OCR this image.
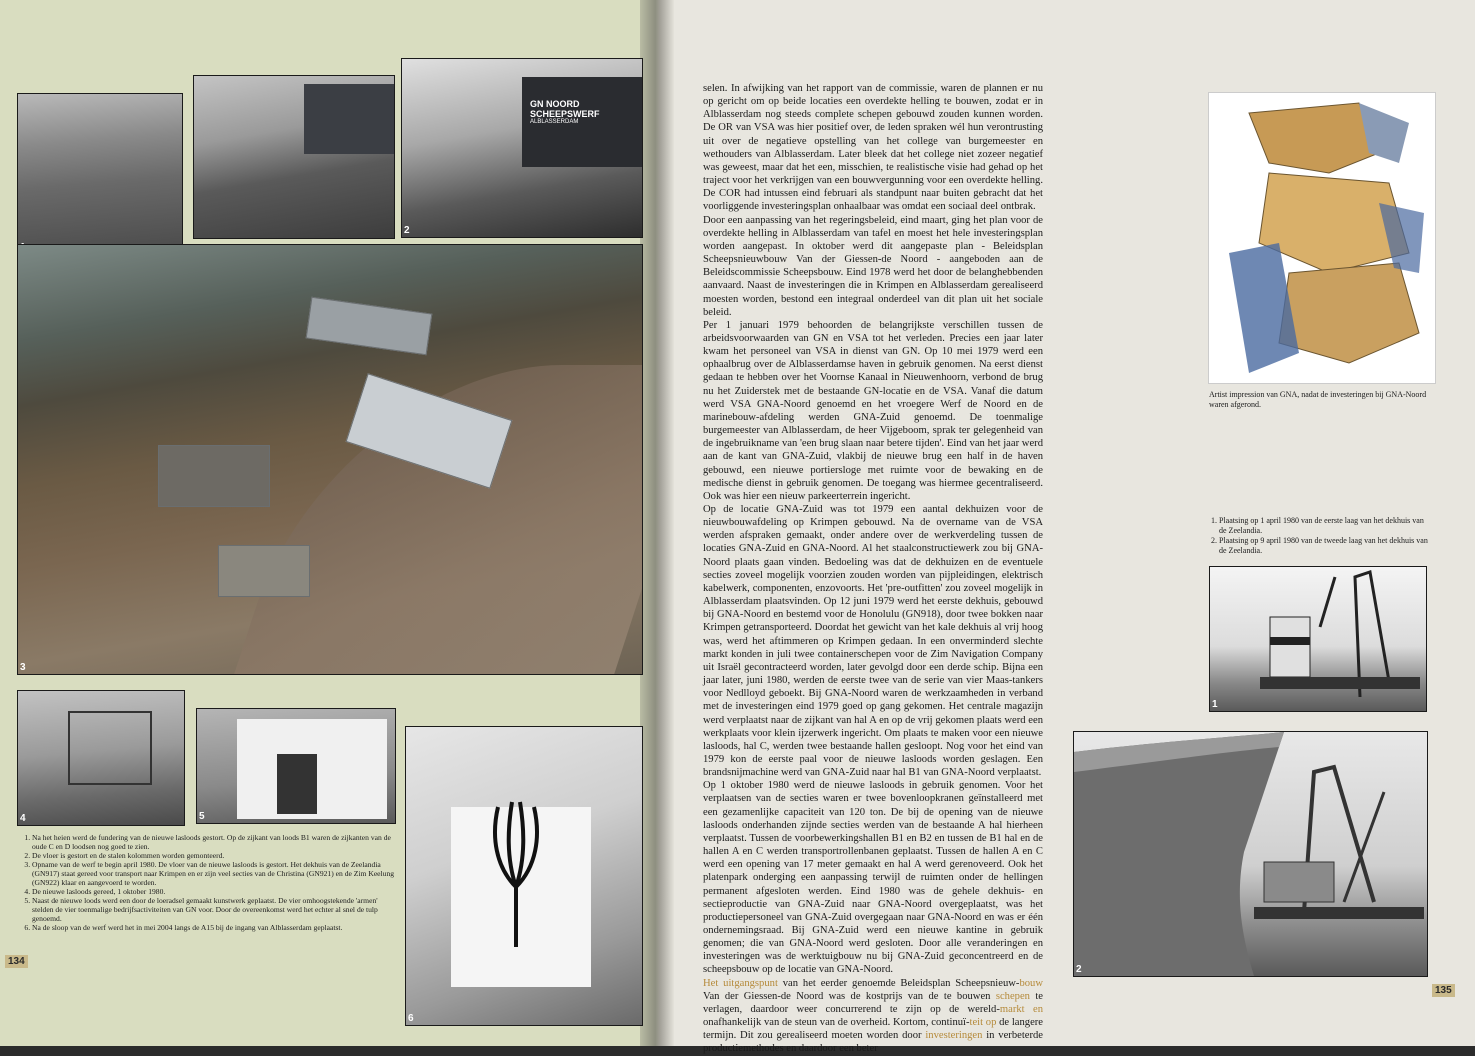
GN NOORD SCHEEPSWERF
ALBLASSERDAM
2
3
4	5
6
1. Na het heien werd de fundering van de nieuwe lasloods gestort. Op de zijkant van loods B1 waren de zijkanten van de oude C en D loodsen nog goed te zien.
2. De vloer is gestort en de stalen kolommen worden gemonteerd.
3. Opname van de werf te begin april 1980. De vloer van de nieuwe lasloods is gestort. Het dekhuis van de Zeelandia (GN917) staat gereed voor transport naar Krimpen en er zijn veel secties van de Christina (GN921) en de Zim Keelung (GN922) klaar en aangevoerd te worden.
4. De nieuwe lasloods gereed, 1 oktober 1980.
5. Naast de nieuwe loods werd een door de loeradsel gemaakt kunstwerk geplaatst. De vier omhoogstekende 'armen' stelden de vier toenmalige bedrijfsactiviteiten van GN voor. Door de overeenkomst werd het echter al snel de tulp genoemd.
6. Na de sloop van de werf werd het in mei 2004 langs de A15 bij de ingang van Alblasserdam geplaatst.
134

selen. In afwijking van het rapport van de commissie, waren de plannen er nu op gericht om op beide locaties een overdekte helling te bouwen, zodat er in Alblasserdam nog steeds complete schepen gebouwd zouden kunnen worden. De OR van VSA was hier positief over, de leden spraken wél hun verontrusting uit over de negatieve opstelling van het college van burgemeester en wethouders van Alblasserdam. Later bleek dat het college niet zozeer negatief was geweest, maar dat het een, misschien, te realistische visie had gehad op het traject voor het verkrijgen van een bouwvergunning voor een overdekte helling. De COR had intussen eind februari als standpunt naar buiten gebracht dat het voorliggende investeringsplan onhaalbaar was omdat een sociaal deel ontbrak.

Door een aanpassing van het regeringsbeleid, eind maart, ging het plan voor de overdekte helling in Alblasserdam van tafel en moest het hele investeringsplan worden aangepast. In oktober werd dit aangepaste plan - Beleidsplan Scheepsnieuwbouw Van der Giessen-de Noord - aangeboden aan de Beleidscommissie Scheepsbouw. Eind 1978 werd het door de belanghebbenden aanvaard. Naast de investeringen die in Krimpen en Alblasserdam gerealiseerd moesten worden, bestond een integraal onderdeel van dit plan uit het sociale beleid.

Per 1 januari 1979 behoorden de belangrijkste verschillen tussen de arbeidsvoorwaarden van GN en VSA tot het verleden. Precies een jaar later kwam het personeel van VSA in dienst van GN. Op 10 mei 1979 werd een ophaalbrug over de Alblasserdamse haven in gebruik genomen. Na eerst dienst gedaan te hebben over het Voornse Kanaal in Nieuwenhoorn, verbond de brug nu het Zuiderstek met de bestaande GN-locatie en de VSA. Vanaf die datum werd VSA GNA-Noord genoemd en het vroegere Werf de Noord en de marinebouw-afdeling werden GNA-Zuid genoemd. De toenmalige burgemeester van Alblasserdam, de heer Vijgeboom, sprak ter gelegenheid van de ingebruikname van 'een brug slaan naar betere tijden'. Eind van het jaar werd aan de kant van GNA-Zuid, vlakbij de nieuwe brug een half in de haven gebouwd, een nieuwe portiersloge met ruimte voor de bewaking en de medische dienst in gebruik genomen. De toegang was hiermee gecentraliseerd. Ook was hier een nieuw parkeerterrein ingericht.

Op de locatie GNA-Zuid was tot 1979 een aantal dekhuizen voor de nieuwbouwafdeling op Krimpen gebouwd. Na de overname van de VSA werden afspraken gemaakt, onder andere over de werkverdeling tussen de locaties GNA-Zuid en GNA-Noord. Al het staalconstructiewerk zou bij GNA-Noord plaats gaan vinden. Bedoeling was dat de dekhuizen en de eventuele secties zoveel mogelijk voorzien zouden worden van pijpleidingen, elektrisch kabelwerk, componenten, enzovoorts. Het 'pre-outfitten' zou zoveel mogelijk in Alblasserdam plaatsvinden. Op 12 juni 1979 werd het eerste dekhuis, gebouwd bij GNA-Noord en bestemd voor de Honolulu (GN918), door twee bokken naar Krimpen getransporteerd. Doordat het gewicht van het kale dekhuis al vrij hoog was, werd het aftimmeren op Krimpen gedaan. In een onverminderd slechte markt konden in juli twee containerschepen voor de Zim Navigation Company uit Israël gecontracteerd worden, later gevolgd door een derde schip. Bijna een jaar later, juni 1980, werden de eerste twee van de serie van vier Maas-tankers voor Nedlloyd geboekt. Bij GNA-Noord waren de werkzaamheden in verband met de investeringen eind 1979 goed op gang gekomen. Het centrale magazijn werd verplaatst naar de zijkant van hal A en op de vrij gekomen plaats werd een werkplaats voor klein ijzerwerk ingericht. Om plaats te maken voor een nieuwe lasloods, hal C, werden twee bestaande hallen gesloopt. Nog voor het eind van 1979 kon de eerste paal voor de nieuwe lasloods worden geslagen. Een brandsnijmachine werd van GNA-Zuid naar hal B1 van GNA-Noord verplaatst.

Op 1 oktober 1980 werd de nieuwe lasloods in gebruik genomen. Voor het verplaatsen van de secties waren er twee bovenloopkranen geïnstalleerd met een gezamenlijke capaciteit van 120 ton. De bij de opening van de nieuwe lasloods onderhanden zijnde secties werden van de bestaande A hal hierheen verplaatst. Tussen de voorbewerkingshallen B1 en B2 en tussen de B1 hal en de hallen A en C werden transportrollenbanen geplaatst. Tussen de hallen A en C werd een opening van 17 meter gemaakt en hal A werd gerenoveerd. Ook het platenpark onderging een aanpassing terwijl de ruimten onder de hellingen permanent afgesloten werden. Eind 1980 was de gehele dekhuis- en sectieproductie van GNA-Zuid naar GNA-Noord overgeplaatst, was het productiepersoneel van GNA-Zuid overgegaan naar GNA-Noord en was er één ondernemingsraad. Bij GNA-Zuid werd een nieuwe kantine in gebruik genomen; die van GNA-Noord werd gesloten. Door alle veranderingen en investeringen was de werktuigbouw nu bij GNA-Zuid geconcentreerd en de scheepsbouw op de locatie van GNA-Noord.

Het uitgangspunt van het eerder genoemde Beleidsplan Scheepsnieuw-bouw Van der Giessen-de Noord was de kostprijs van de te bouwen schepen te verlagen, daardoor weer concurrerend te zijn op de wereld-markt en onafhankelijk van de steun van de overheid. Kortom, continuï-teit op de langere termijn. Dit zou gerealiseerd moeten worden door investeringen in verbeterde productiemethodes en daardoor een beter

Artist impression van GNA, nadat de investeringen bij GNA-Noord waren afgerond.
1. Plaatsing op 1 april 1980 van de eerste laag van het dekhuis van de Zeelandia.
2. Plaatsing op 9 april 1980 van de tweede laag van het dekhuis van de Zeelandia.
1
2
135
